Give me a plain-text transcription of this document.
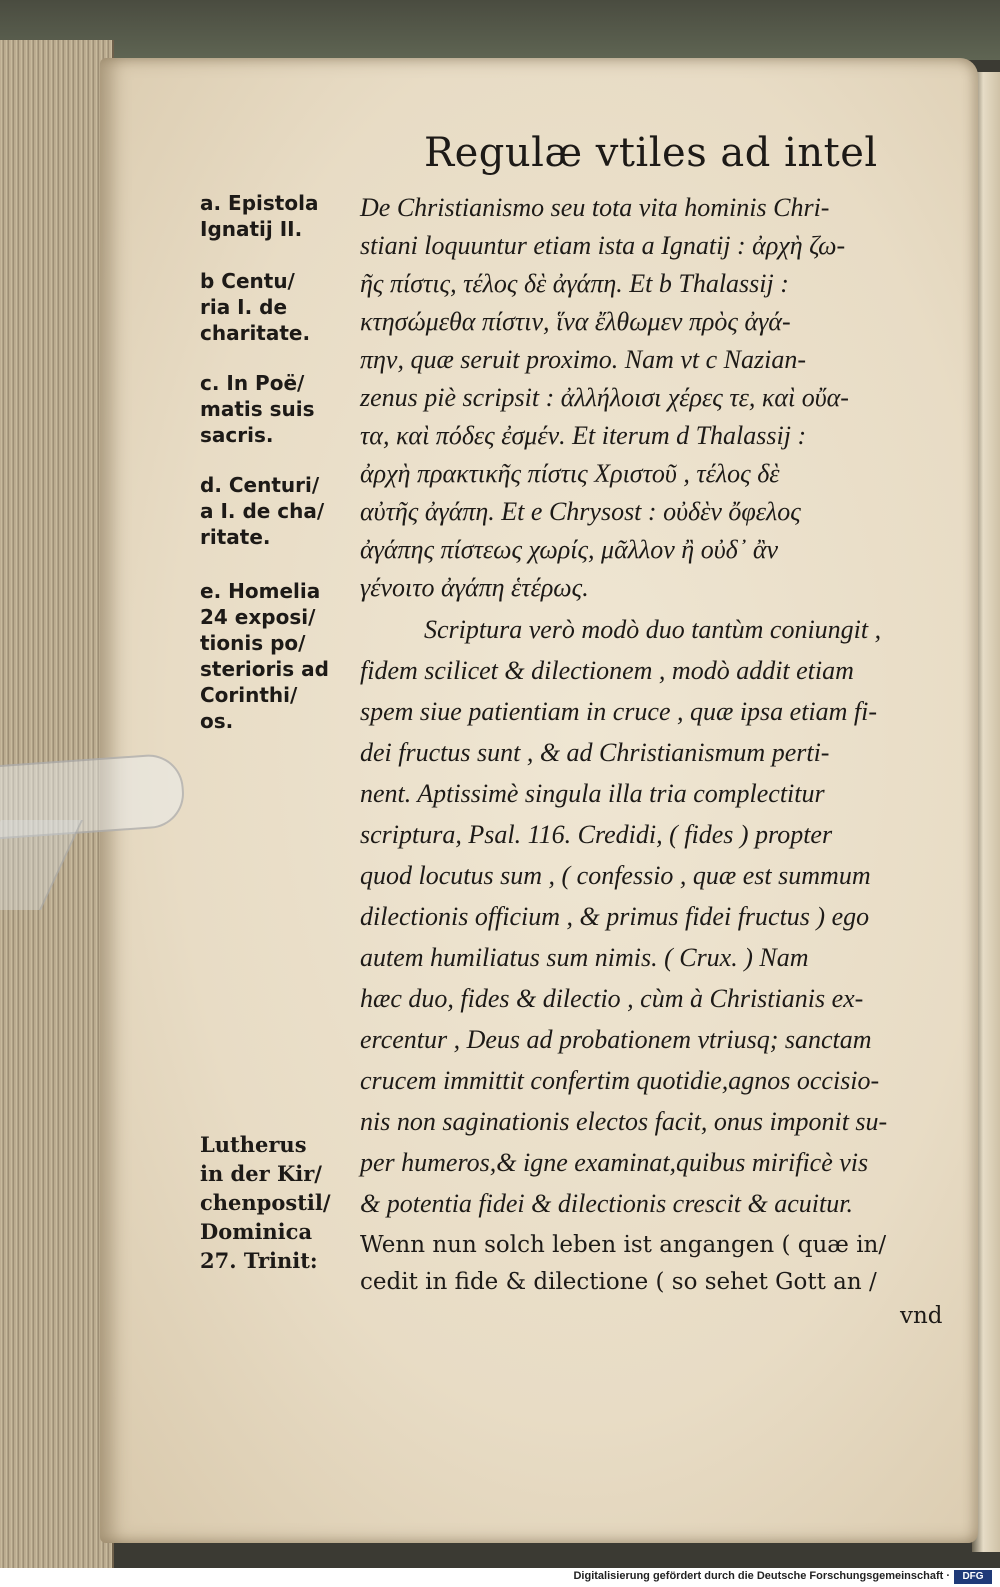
Regulæ vtiles ad intel
a. Epistola
Ignatij II.
b Centu/
ria I. de
charitate.
c. In Poë/
matis suis
sacris.
d. Centuri/
a I. de cha/
ritate.
e. Homelia
24 exposi/
tionis po/
sterioris ad
Corinthi/
os.
Lutherus
in der Kir/
chenpostil/
Dominica
27. Trinit:
De Christianismo seu tota vita hominis Chri-
stiani loquuntur etiam ista a Ignatij : ἀρχὴ ζω-
ῆς πίστις, τέλος δὲ ἀγάπη. Et b Thalassij :
κτησώμεθα πίστιν, ἵνα ἔλθωμεν πρὸς ἀγά-
πην, quæ seruit proximo. Nam vt c Nazian-
zenus piè scripsit : ἀλλήλοισι χέρες τε, καὶ οὔα-
τα, καὶ πόδες ἐσμέν. Et iterum d Thalassij :
ἀρχὴ πρακτικῆς πίστις Χριστοῦ , τέλος δὲ
αὐτῆς ἀγάπη. Et e Chrysost : οὐδὲν ὄφελος
ἀγάπης πίστεως χωρίς, μᾶλλον ἢ οὐδ᾽ ἂν
γένοιτο ἀγάπη ἑτέρως.
Scriptura verò modò duo tantùm coniungit ,
fidem scilicet & dilectionem , modò addit etiam
spem siue patientiam in cruce , quæ ipsa etiam fi-
dei fructus sunt , & ad Christianismum perti-
nent. Aptissimè singula illa tria complectitur
scriptura, Psal. 116. Credidi, ( fides ) propter
quod locutus sum , ( confessio , quæ est summum
dilectionis officium , & primus fidei fructus ) ego
autem humiliatus sum nimis. ( Crux. ) Nam
hæc duo, fides & dilectio , cùm à Christianis ex-
ercentur , Deus ad probationem vtriusq; sanctam
crucem immittit confertim quotidie,agnos occisio-
nis non saginationis electos facit, onus imponit su-
per humeros,& igne examinat,quibus mirificè vis
& potentia fidei & dilectionis crescit & acuitur.
Wenn nun solch leben ist angangen ( quæ in/
cedit in fide & dilectione ( so sehet Gott an /
vnd
Digitalisierung gefördert durch die Deutsche Forschungsgemeinschaft ·	DFG
